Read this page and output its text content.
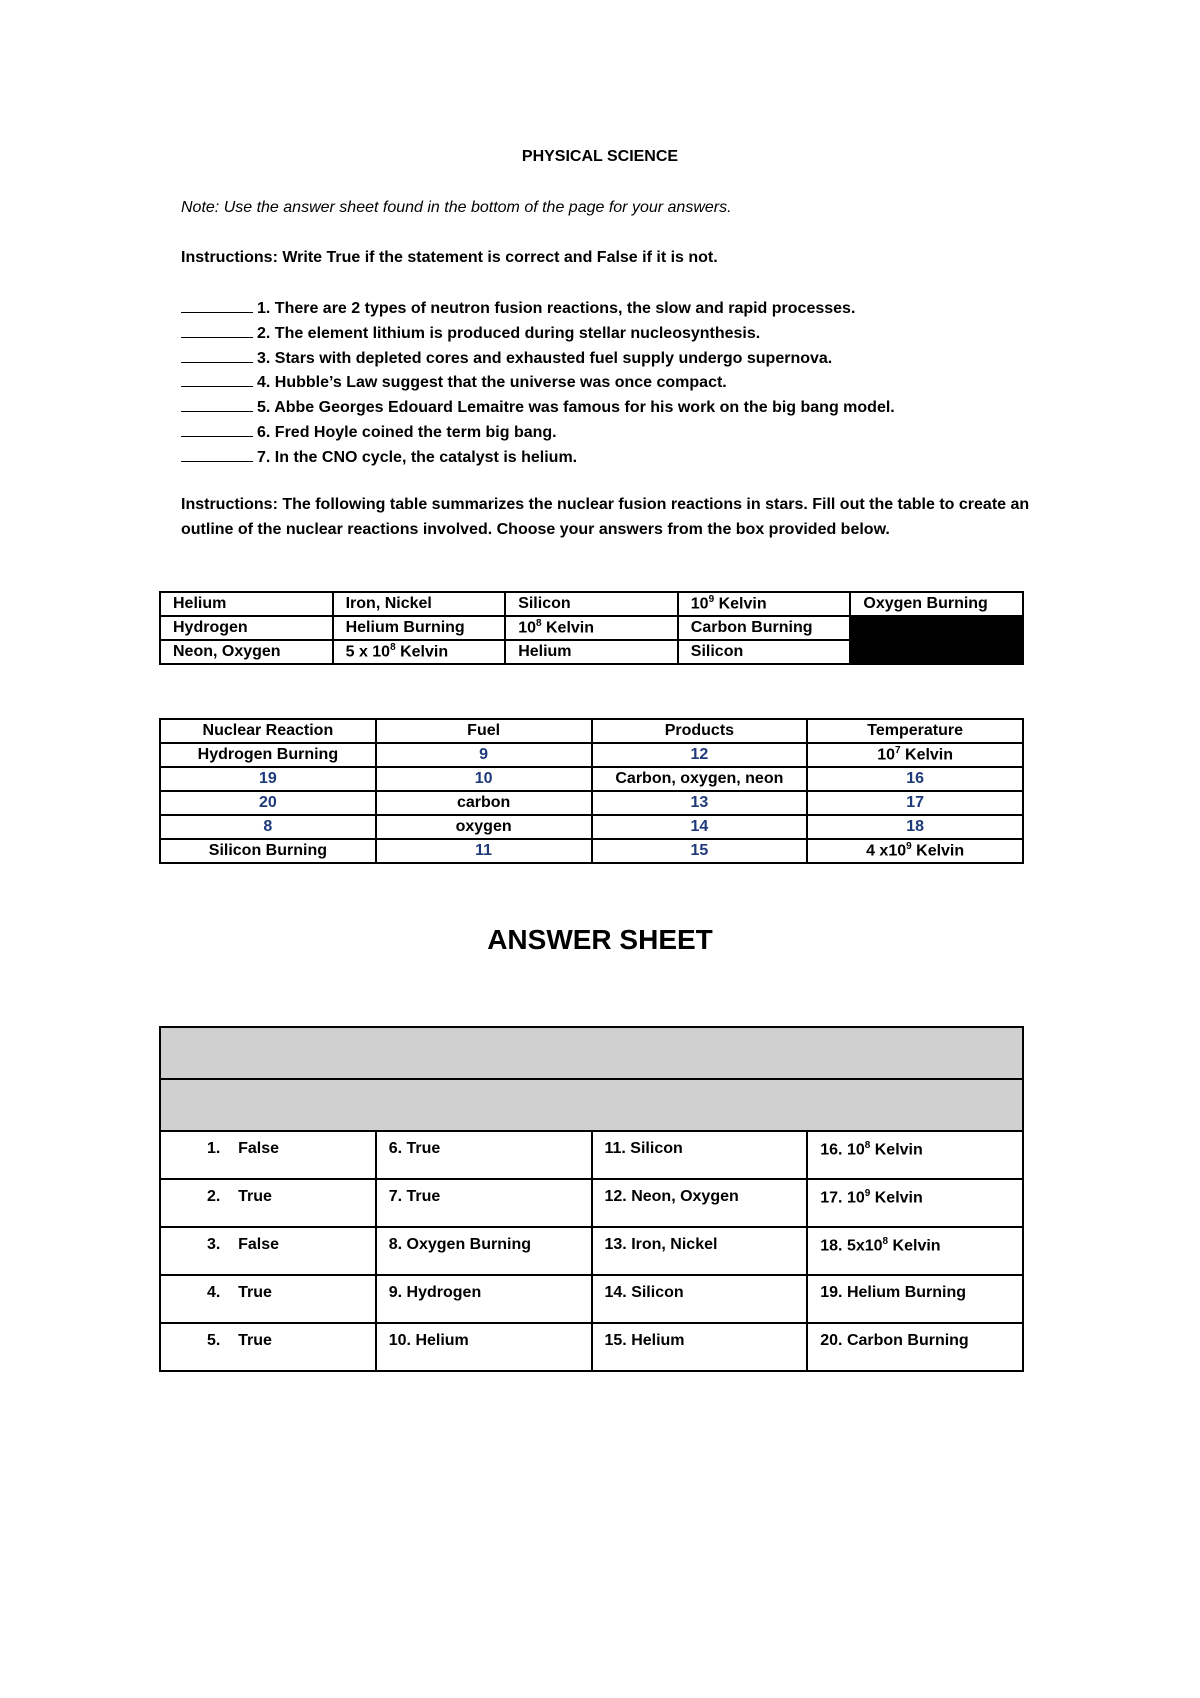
PHYSICAL SCIENCE
Note: Use the answer sheet found in the bottom of the page for your answers.
Instructions: Write True if the statement is correct and False if it is not.
1. There are 2 types of neutron fusion reactions, the slow and rapid processes.
2. The element lithium is produced during stellar nucleosynthesis.
3. Stars with depleted cores and exhausted fuel supply undergo supernova.
4. Hubble’s Law suggest that the universe was once compact.
5. Abbe Georges Edouard Lemaitre was famous for his work on the big bang model.
6. Fred Hoyle coined the term big bang.
7. In the CNO cycle, the catalyst is helium.
Instructions: The following table summarizes the nuclear fusion reactions in stars. Fill out the table to create an outline of the nuclear reactions involved. Choose your answers from the box provided below.
Helium	Iron, Nickel	Silicon	$10^9$ Kelvin	Oxygen Burning
Hydrogen	Helium Burning	$10^8$ Kelvin	Carbon Burning	
Neon, Oxygen	5 x $10^8$ Kelvin	Helium	Silicon	
Nuclear Reaction	Fuel	Products	Temperature
Hydrogen Burning	9	12	$10^7$ Kelvin
19	10	Carbon, oxygen, neon	16
20	carbon	13	17
8	oxygen	14	18
Silicon Burning	11	15	4 $x10^9$ Kelvin
ANSWER SHEET

1. False	6. True	11. Silicon	16. $10^8$ Kelvin
2. True	7. True	12. Neon, Oxygen	17. $10^9$ Kelvin
3. False	8. Oxygen Burning	13. Iron, Nickel	18. $5x10^8$ Kelvin
4. True	9. Hydrogen	14. Silicon	19. Helium Burning
5. True	10. Helium	15. Helium	20. Carbon Burning
